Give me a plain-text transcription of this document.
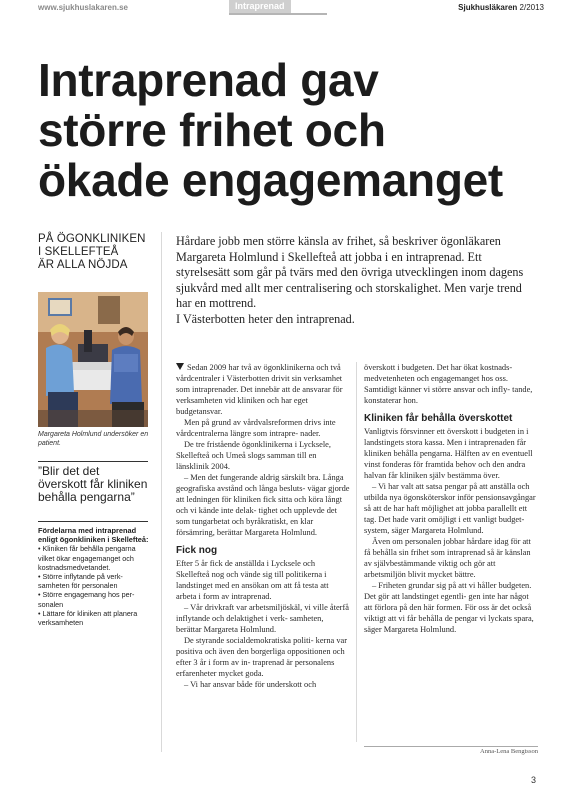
www.sjukhuslakaren.se	Intraprenad	Sjukhusläkaren 2/2013
Intraprenad gav
större frihet och
ökade engagemanget
PÅ ÖGONKLINIKEN
I SKELLEFTEÅ
ÄR ALLA NÖJDA
Margareta Holmlund undersöker en patient.
”Blir det det överskott får kliniken behålla pengarna”
Fördelarna med intraprenad enligt ögonkliniken i Skellefteå:
• Kliniken får behålla pengarna vilket ökar engagemanget och kostnadsmedvetandet.
• Större inflytande på verk- samheten för personalen
• Större engagemang hos per- sonalen
• Lättare för kliniken att planera verksamheten

Hårdare jobb men större känsla av frihet, så beskriver ögonläkaren Margareta Holmlund i Skellefteå att jobba i en intraprenad. Ett styrelsesätt som går på tvärs med den övriga utvecklingen inom dagens sjukvård med allt mer centralisering och storskalighet. Men varje trend har en mottrend.

I Västerbotten heter den intraprenad.

Sedan 2009 har två av ögonklinikerna och två vårdcentraler i Västerbotten drivit sin verksamhet som intraprenader. Det innebär att de ansvarar för verksamheten vid kliniken och har eget budgetansvar.

Men på grund av vårdvalsreformen drivs inte vårdcentralerna längre som intrapre- nader.

De tre fristående ögonklinikerna i Lycksele, Skellefteå och Umeå slogs samman till en länsklinik 2004.

– Men det fungerande aldrig särskilt bra. Långa geografiska avstånd och långa besluts- vägar gjorde att ledningen för kliniken fick sitta och köra långt och vi kände inte delak- tighet och upplevde det som tungarbetat och byråkratiskt, en klar försämring, berättar Margareta Holmlund.

Fick nog

Efter 5 år fick de anställda i Lycksele och Skellefteå nog och vände sig till politikerna i landstinget med en ansökan om att få testa att arbeta i form av intraprenad.

– Vår drivkraft var arbetsmiljöskäl, vi ville återfå inflytande och delaktighet i verk- samheten, berättar Margareta Holmlund.

De styrande socialdemokratiska politi- kerna var positiva och även den borgerliga oppositionen och efter 3 år i form av in- traprenad är personalens erfarenheter mycket goda.

– Vi har ansvar både för underskott och

överskott i budgeten. Det har ökat kostnads- medvetenheten och engagemanget hos oss. Samtidigt känner vi större ansvar och infly- tande, konstaterar hon.

Kliniken får behålla överskottet

Vanligtvis försvinner ett överskott i budgeten in i landstingets stora kassa. Men i intraprenaden får kliniken behålla pengarna. Hälften av en eventuell vinst fonderas för framtida behov och den andra halvan får kliniken själv bestämma över.

– Vi har valt att satsa pengar på att anställa och utbilda nya ögonsköterskor inför pensionsavgångar så att de har haft möjlighet att jobba parallellt ett tag. Det hade varit omöjligt i ett vanligt budget- system, säger Margareta Holmlund.

Även om personalen jobbar hårdare idag för att få behålla sin frihet som intraprenad så är känslan av självbestämmande viktig och gör att arbetsmiljön blivit mycket bättre.

– Friheten grundar sig på att vi håller budgeten. Det gör att landstinget egentli- gen inte har något att förlora på den här formen. För oss är det också viktigt att vi får behålla de pengar vi lyckats spara, säger Margareta Holmlund.

Anna-Lena Bengtsson
3
